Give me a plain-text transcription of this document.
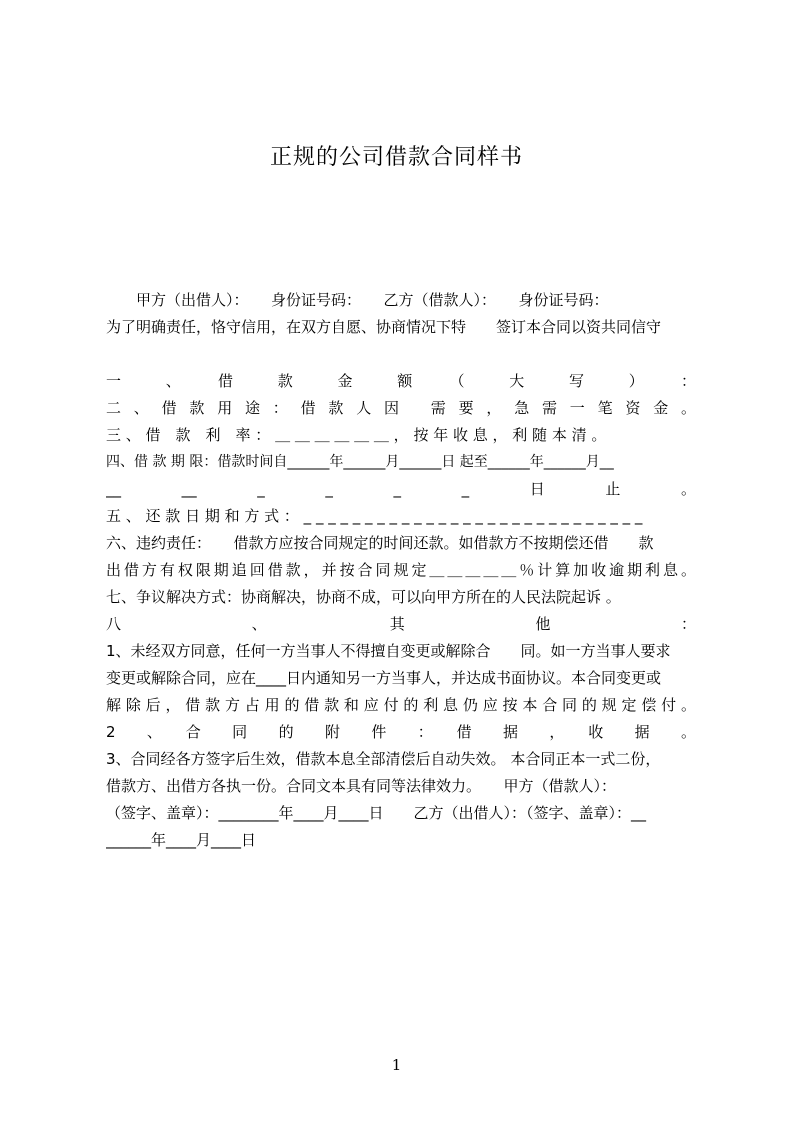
正规的公司借款合同样书
　　甲方（出借人）：　　身份证号码：　　乙方（借款人）：　　身份证号码：
为了明确责任，恪守信用，在双方自愿、协商情况下特　　签订本合同以资共同信守
一　、　借　款　金　额　（　大　写　）　：
二 、 借 款 用 途 ： 借 款 人 因 　需 要 ， 急 需 一 笔 资 金 。
三 、 借　款　利　率 ： ＿ ＿ ＿ ＿ ＿ ＿ ， 按 年 收 息 ， 利 随 本 清 。
四、借 款 期 限：借款时间自______年______月______日 起至______年______月__
__　　__　　_　　_　　_　　_　　日　　止　　。
五 、 还 款 日 期 和 方 式 ： _ _ _ _ _ _ _ _ _ _ _ _ _ _ _ _ _ _ _ _ _ _ _ _ _ _ _ _
六、违约责任：　　借款方应按合同规定的时间还款。如借款方不按期偿还借　　款
出借方有权限期追回借款，并按合同规定＿＿＿＿＿％计算加收逾期利息。
七、争议解决方式：协商解决，协商不成，可以向甲方所在的人民法院起诉 。
八　　、　　其　　他　　：
1、未经双方同意，任何一方当事人不得擅自变更或解除合　　同。如一方当事人要求
变更或解除合同，应在____日内通知另一方当事人，并达成书面协议。本合同变更或
解除后，借款方占用的借款和应付的利息仍应按本合同的规定偿付。
2　、　合　同　的　附　件　：　借　据　，　收　据　。
3、合同经各方签字后生效，借款本息全部清偿后自动失效。 本合同正本一式二份，
借款方、出借方各执一份。合同文本具有同等法律效力。　　甲方（借款人）：
（签字、盖章）：________年____月____日　　乙方（出借人）：（签字、盖章）：__
______年____月____日
1
